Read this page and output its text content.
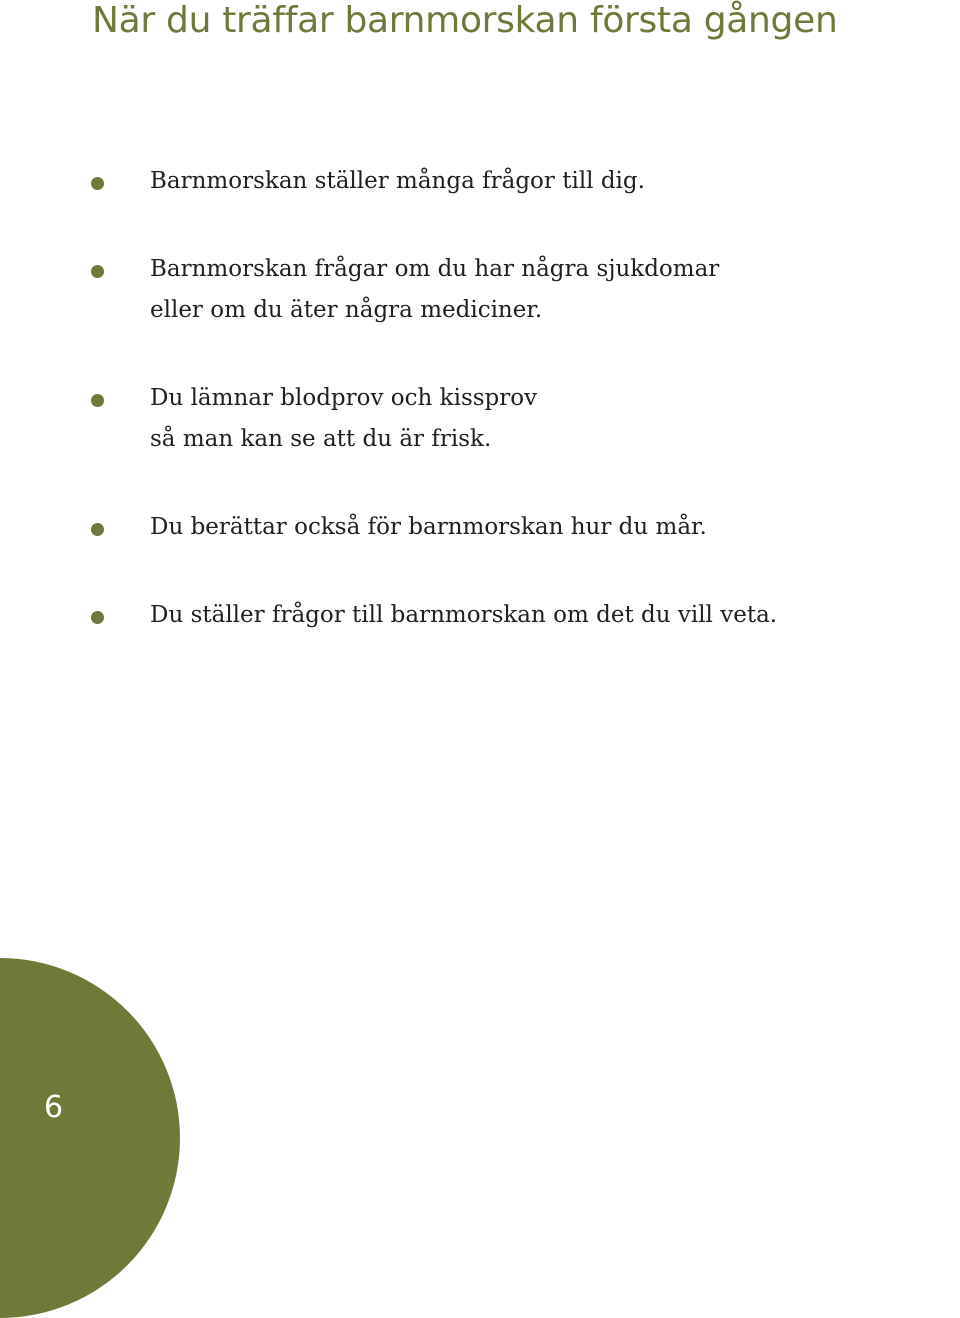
När du träffar barnmorskan första gången

Barnmorskan ställer många frågor till dig.

Barnmorskan frågar om du har några sjukdomar
eller om du äter några mediciner.

Du lämnar blodprov och kissprov
så man kan se att du är frisk.

Du berättar också för barnmorskan hur du mår.

Du ställer frågor till barnmorskan om det du vill veta.

6
